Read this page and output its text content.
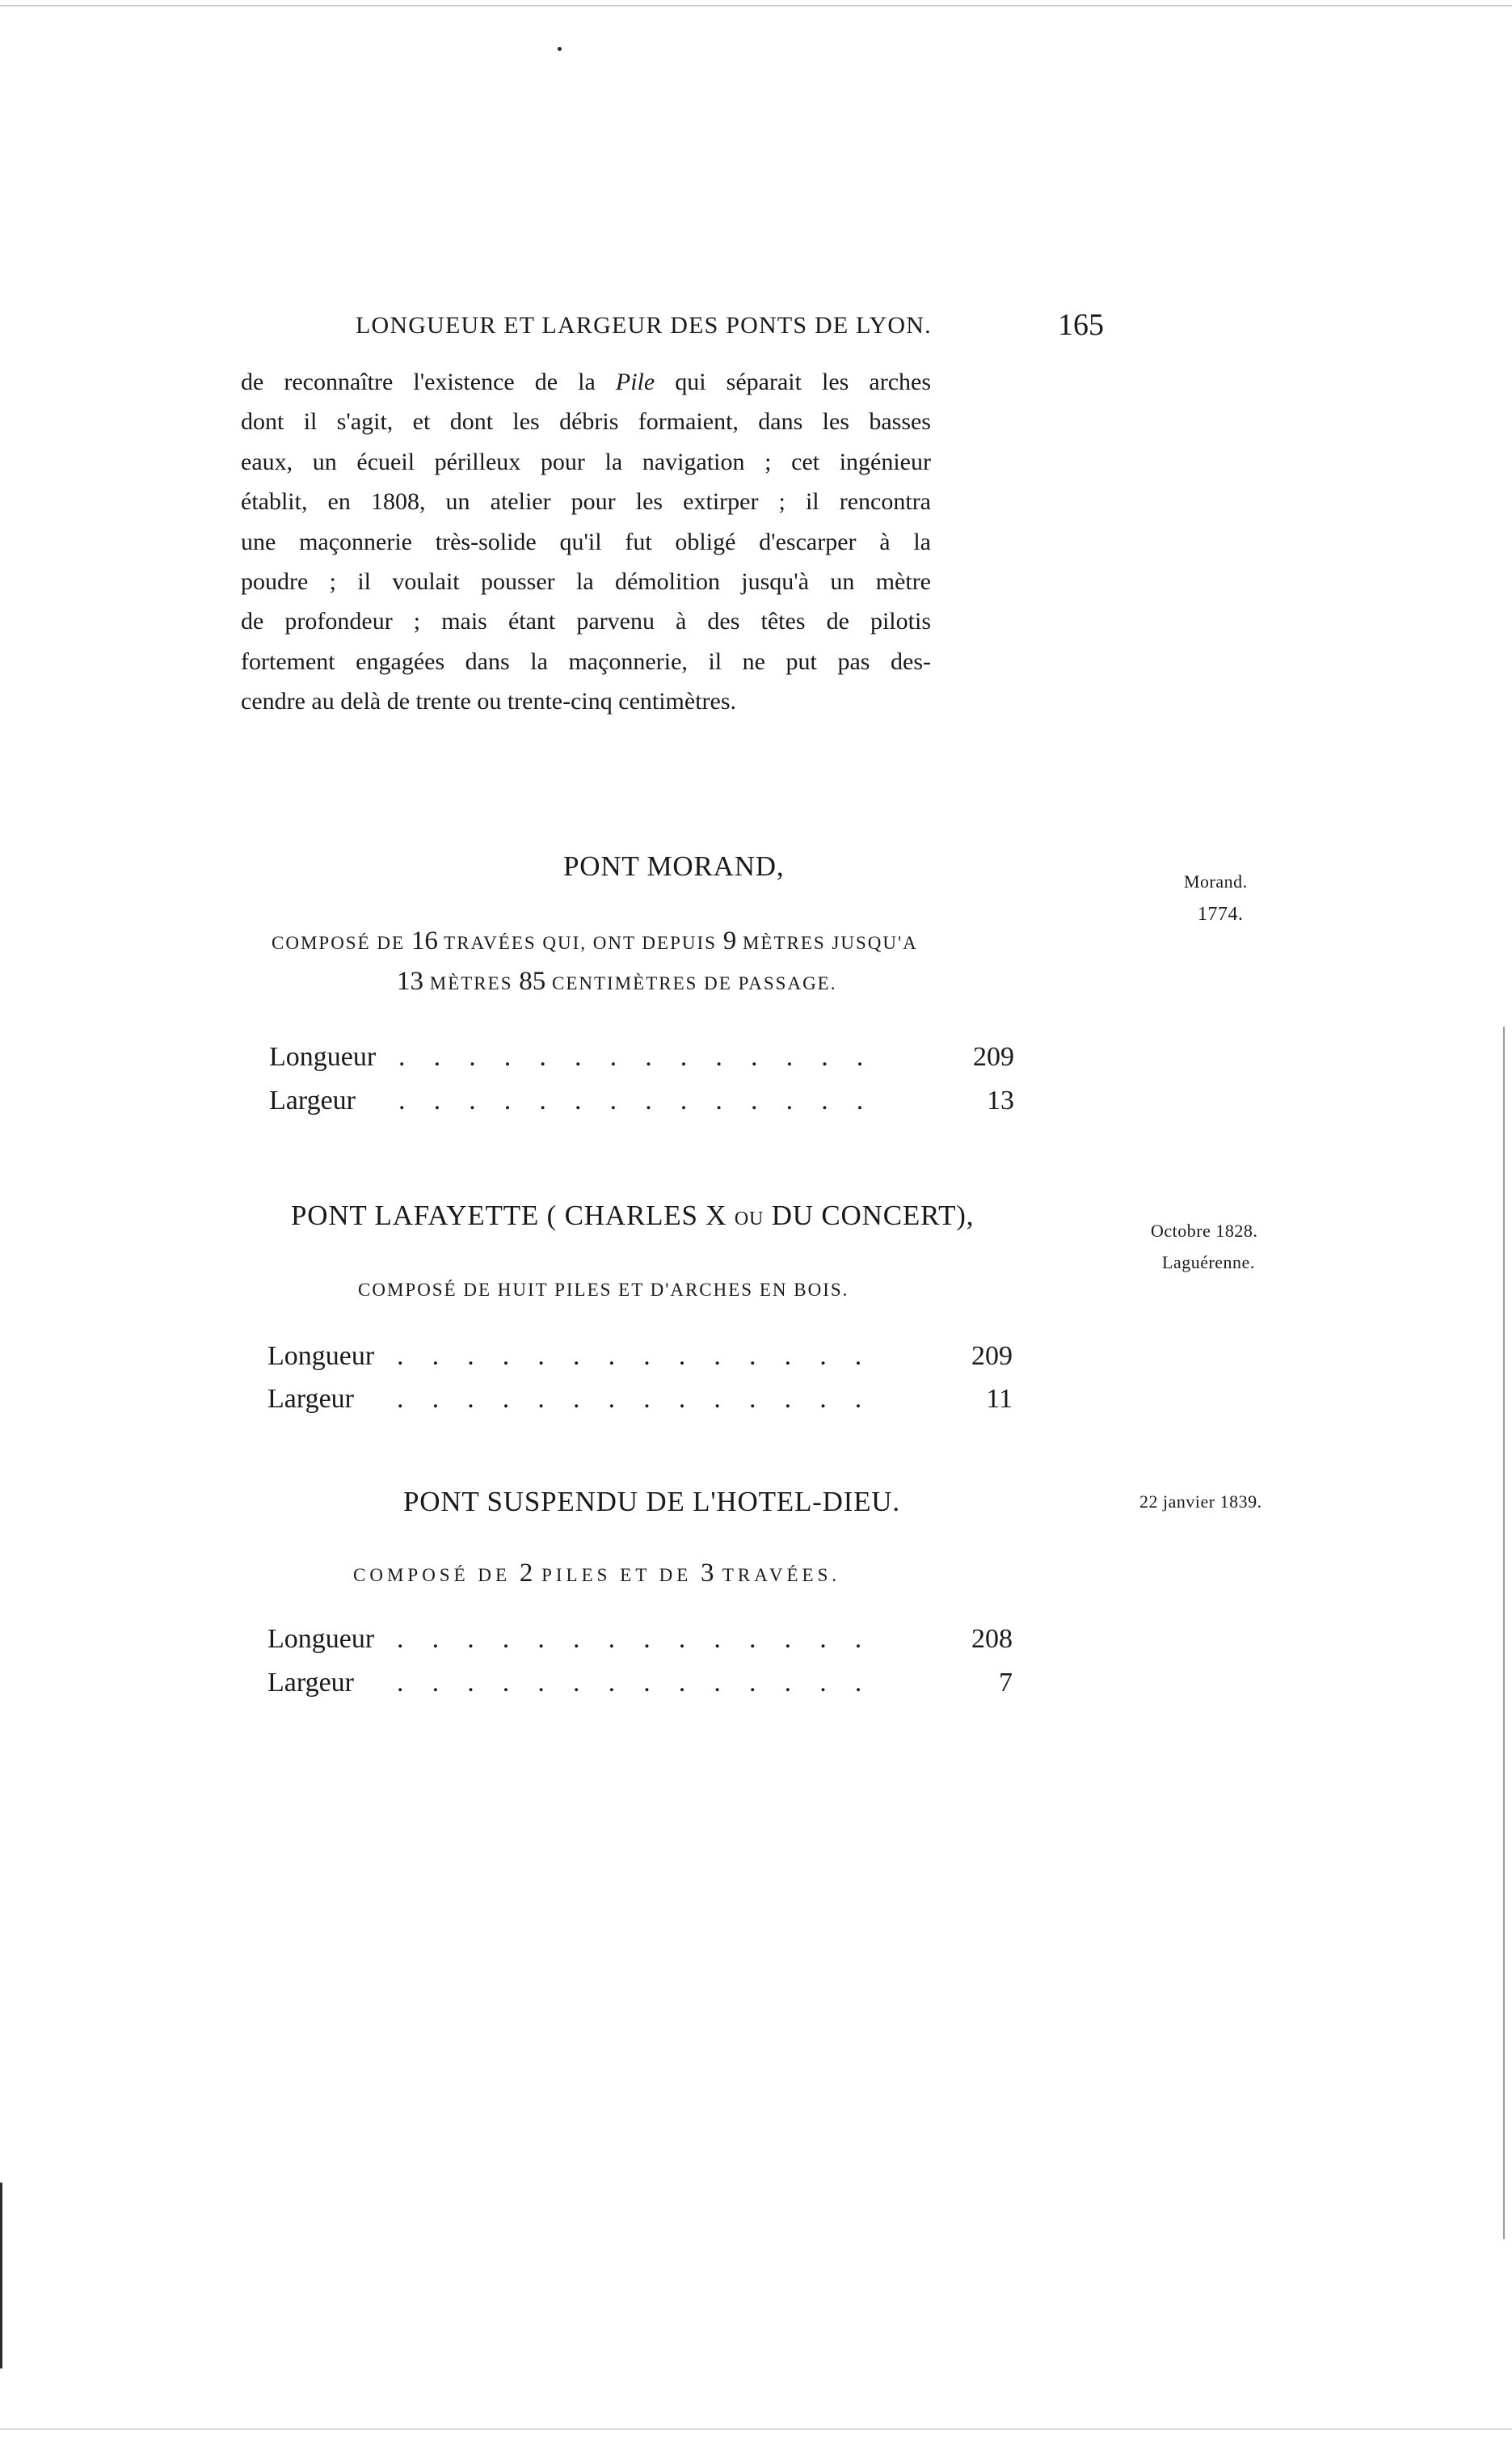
LONGUEUR ET LARGEUR DES PONTS DE LYON.	165
de reconnaître l'existence de la Pile qui séparait les arches
dont il s'agit, et dont les débris formaient, dans les basses
eaux, un écueil périlleux pour la navigation ; cet ingénieur
établit, en 1808, un atelier pour les extirper ; il rencontra
une maçonnerie très-solide qu'il fut obligé d'escarper à la
poudre ; il voulait pousser la démolition jusqu'à un mètre
de profondeur ; mais étant parvenu à des têtes de pilotis
fortement engagées dans la maçonnerie, il ne put pas des-
cendre au delà de trente ou trente-cinq centimètres.
PONT MORAND,
COMPOSÉ DE 16 TRAVÉES QUI, ONT DEPUIS 9 MÈTRES JUSQU'A
13 MÈTRES 85 CENTIMÈTRES DE PASSAGE.
Longueur . . . . . . . . . . . . . .	209
Largeur . . . . . . . . . . . . . .	13
Morand.
1774.
PONT LAFAYETTE ( CHARLES X OU DU CONCERT),
COMPOSÉ DE HUIT PILES ET D'ARCHES EN BOIS.
Longueur . . . . . . . . . . . . . .	209
Largeur . . . . . . . . . . . . . .	11
Octobre 1828.
Laguérenne.
PONT SUSPENDU DE L'HOTEL-DIEU.
COMPOSÉ DE 2 PILES ET DE 3 TRAVÉES.
Longueur . . . . . . . . . . . . . .	208
Largeur . . . . . . . . . . . . . .	7
22 janvier 1839.
